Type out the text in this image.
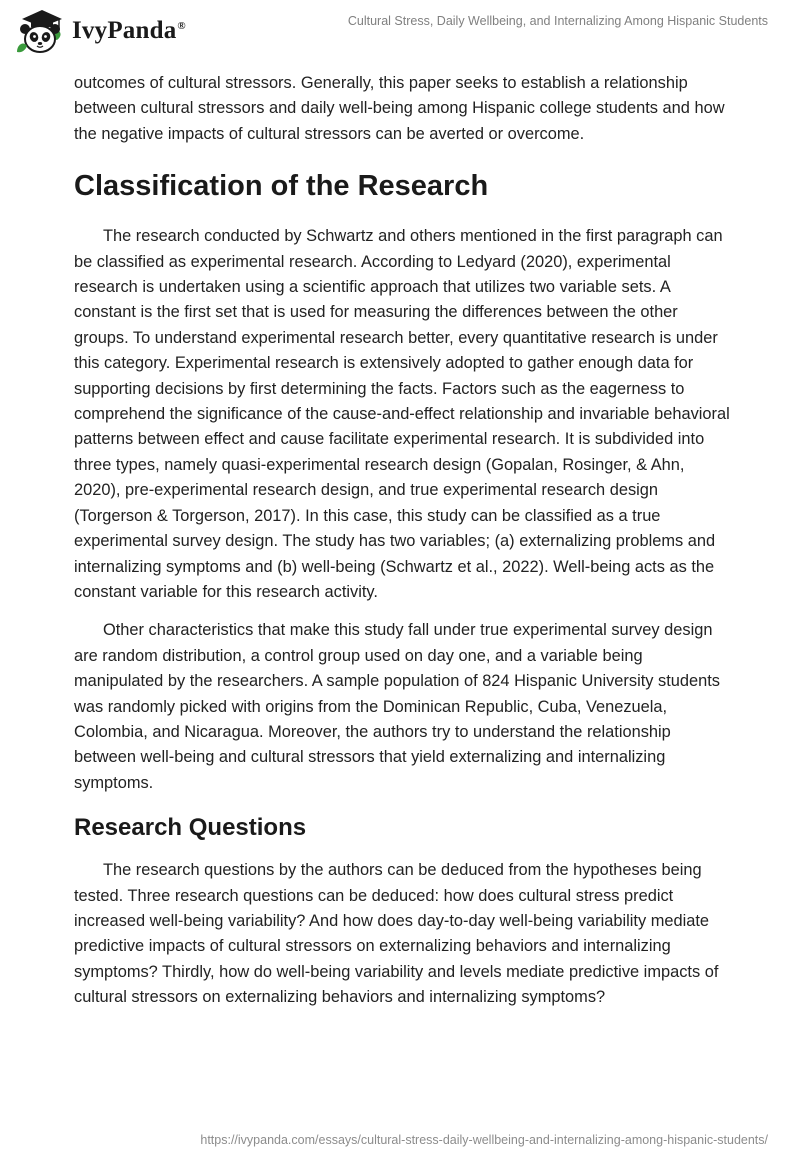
IvyPanda®	Cultural Stress, Daily Wellbeing, and Internalizing Among Hispanic Students

outcomes of cultural stressors. Generally, this paper seeks to establish a relationship between cultural stressors and daily well-being among Hispanic college students and how the negative impacts of cultural stressors can be averted or overcome.

Classification of the Research

The research conducted by Schwartz and others mentioned in the first paragraph can be classified as experimental research. According to Ledyard (2020), experimental research is undertaken using a scientific approach that utilizes two variable sets. A constant is the first set that is used for measuring the differences between the other groups. To understand experimental research better, every quantitative research is under this category. Experimental research is extensively adopted to gather enough data for supporting decisions by first determining the facts. Factors such as the eagerness to comprehend the significance of the cause-and-effect relationship and invariable behavioral patterns between effect and cause facilitate experimental research. It is subdivided into three types, namely quasi-experimental research design (Gopalan, Rosinger, & Ahn, 2020), pre-experimental research design, and true experimental research design (Torgerson & Torgerson, 2017). In this case, this study can be classified as a true experimental survey design. The study has two variables; (a) externalizing problems and internalizing symptoms and (b) well-being (Schwartz et al., 2022). Well-being acts as the constant variable for this research activity.

Other characteristics that make this study fall under true experimental survey design are random distribution, a control group used on day one, and a variable being manipulated by the researchers. A sample population of 824 Hispanic University students was randomly picked with origins from the Dominican Republic, Cuba, Venezuela, Colombia, and Nicaragua. Moreover, the authors try to understand the relationship between well-being and cultural stressors that yield externalizing and internalizing symptoms.

Research Questions

The research questions by the authors can be deduced from the hypotheses being tested. Three research questions can be deduced: how does cultural stress predict increased well-being variability? And how does day-to-day well-being variability mediate predictive impacts of cultural stressors on externalizing behaviors and internalizing symptoms? Thirdly, how do well-being variability and levels mediate predictive impacts of cultural stressors on externalizing behaviors and internalizing symptoms?

https://ivypanda.com/essays/cultural-stress-daily-wellbeing-and-internalizing-among-hispanic-students/
